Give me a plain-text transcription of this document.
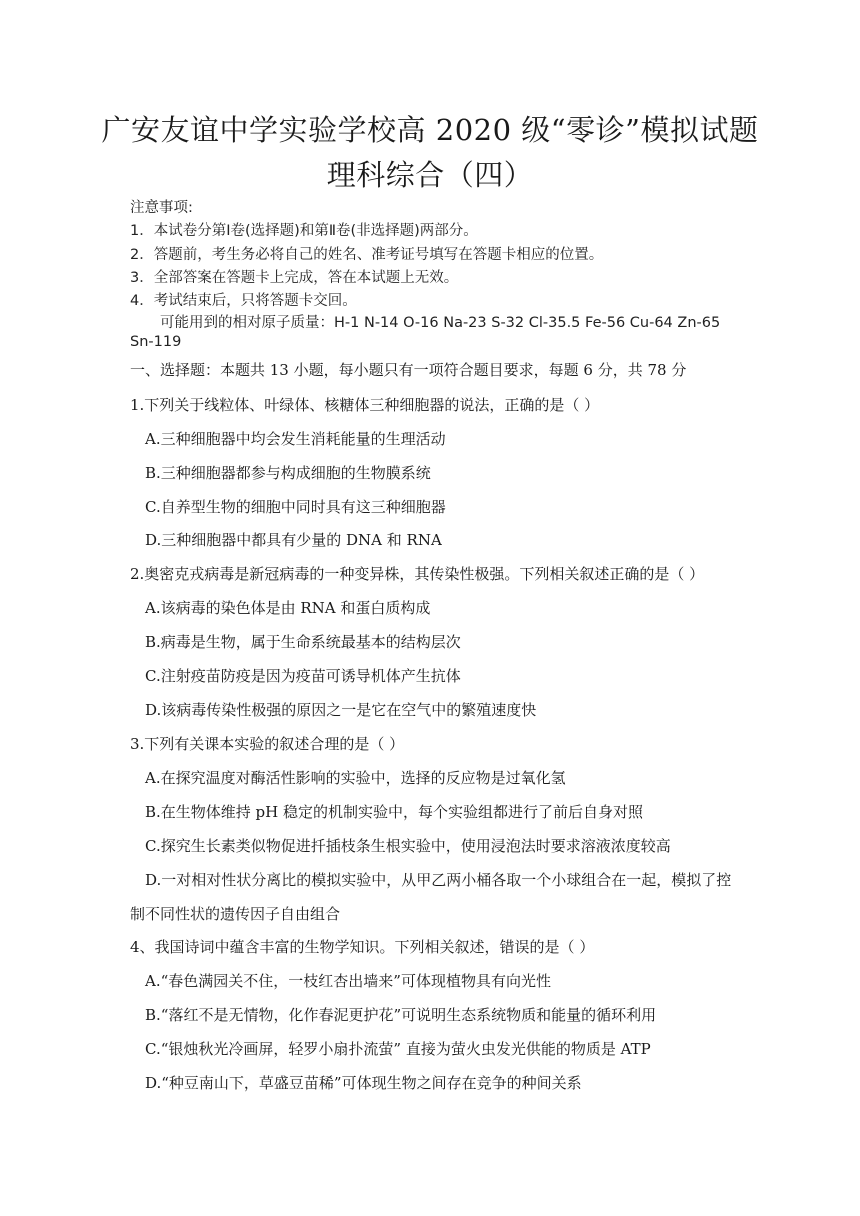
广安友谊中学实验学校高 2020 级“零诊”模拟试题
理科综合（四）
注意事项:
1．本试卷分第Ⅰ卷(选择题)和第Ⅱ卷(非选择题)两部分。
2．答题前，考生务必将自己的姓名、准考证号填写在答题卡相应的位置。
3．全部答案在答题卡上完成，答在本试题上无效。
4．考试结束后，只将答题卡交回。
可能用到的相对原子质量：H-1 N-14 O-16 Na-23 S-32 Cl-35.5 Fe-56 Cu-64 Zn-65
Sn-119
一、选择题：本题共 13 小题，每小题只有一项符合题目要求，每题 6 分，共 78 分
1.下列关于线粒体、叶绿体、核糖体三种细胞器的说法，正确的是（ ）
A.三种细胞器中均会发生消耗能量的生理活动
B.三种细胞器都参与构成细胞的生物膜系统
C.自养型生物的细胞中同时具有这三种细胞器
D.三种细胞器中都具有少量的 DNA 和 RNA
2.奥密克戎病毒是新冠病毒的一种变异株，其传染性极强。下列相关叙述正确的是（ ）
A.该病毒的染色体是由 RNA 和蛋白质构成
B.病毒是生物，属于生命系统最基本的结构层次
C.注射疫苗防疫是因为疫苗可诱导机体产生抗体
D.该病毒传染性极强的原因之一是它在空气中的繁殖速度快
3.下列有关课本实验的叙述合理的是（ ）
A.在探究温度对酶活性影响的实验中，选择的反应物是过氧化氢
B.在生物体维持 pH 稳定的机制实验中，每个实验组都进行了前后自身对照
C.探究生长素类似物促进扦插枝条生根实验中，使用浸泡法时要求溶液浓度较高
D.一对相对性状分离比的模拟实验中，从甲乙两小桶各取一个小球组合在一起，模拟了控
制不同性状的遗传因子自由组合
4、我国诗词中蕴含丰富的生物学知识。下列相关叙述，错误的是（ ）
A.“春色满园关不住，一枝红杏出墙来”可体现植物具有向光性
B.“落红不是无情物，化作春泥更护花”可说明生态系统物质和能量的循环利用
C.“银烛秋光冷画屏，轻罗小扇扑流萤” 直接为萤火虫发光供能的物质是 ATP
D.“种豆南山下，草盛豆苗稀”可体现生物之间存在竞争的种间关系
